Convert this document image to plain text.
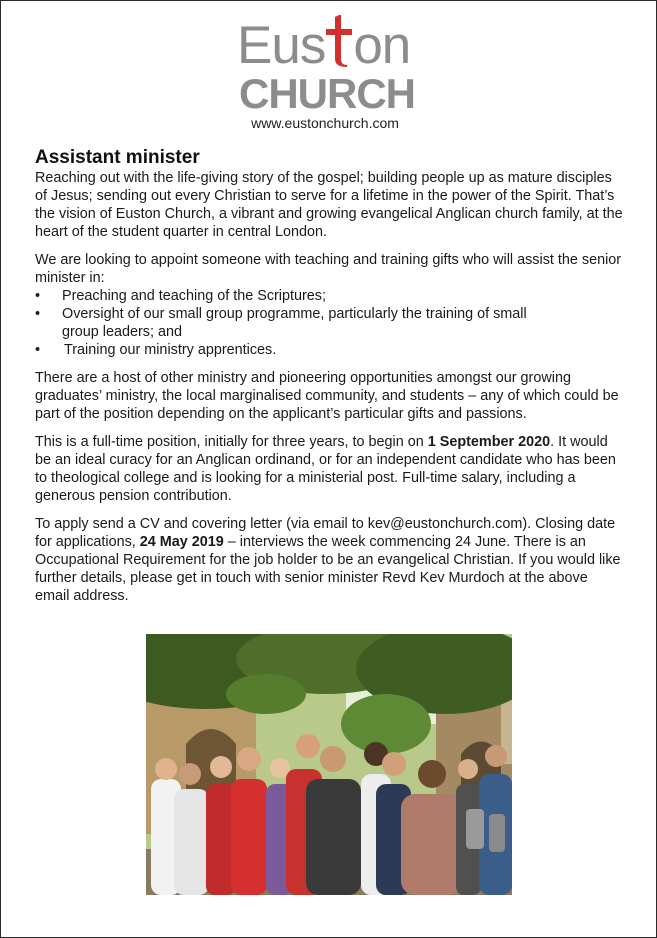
Eus on
CHURCH
www.eustonchurch.com
Assistant minister

Reaching out with the life-giving story of the gospel; building people up as mature disciples of Jesus; sending out every Christian to serve for a lifetime in the power of the Spirit. That’s the vision of Euston Church, a vibrant and growing evangelical Anglican church family, at the heart of the student quarter in central London.

We are looking to appoint someone with teaching and training gifts who will assist the senior minister in:

• Preaching and teaching of the Scriptures;
• Oversight of our small group programme, particularly the training of small group leaders; and
• Training our ministry apprentices.

There are a host of other ministry and pioneering opportunities amongst our growing graduates’ ministry, the local marginalised community, and students – any of which could be part of the position depending on the applicant’s particular gifts and passions.

This is a full-time position, initially for three years, to begin on 1 September 2020. It would be an ideal curacy for an Anglican ordinand, or for an independent candidate who has been to theological college and is looking for a ministerial post. Full-time salary, including a generous pension contribution.

To apply send a CV and covering letter (via email to kev@eustonchurch.com). Closing date for applications, 24 May 2019 – interviews the week commencing 24 June. There is an Occupational Requirement for the job holder to be an evangelical Christian. If you would like further details, please get in touch with senior minister Revd Kev Murdoch at the above email address.
